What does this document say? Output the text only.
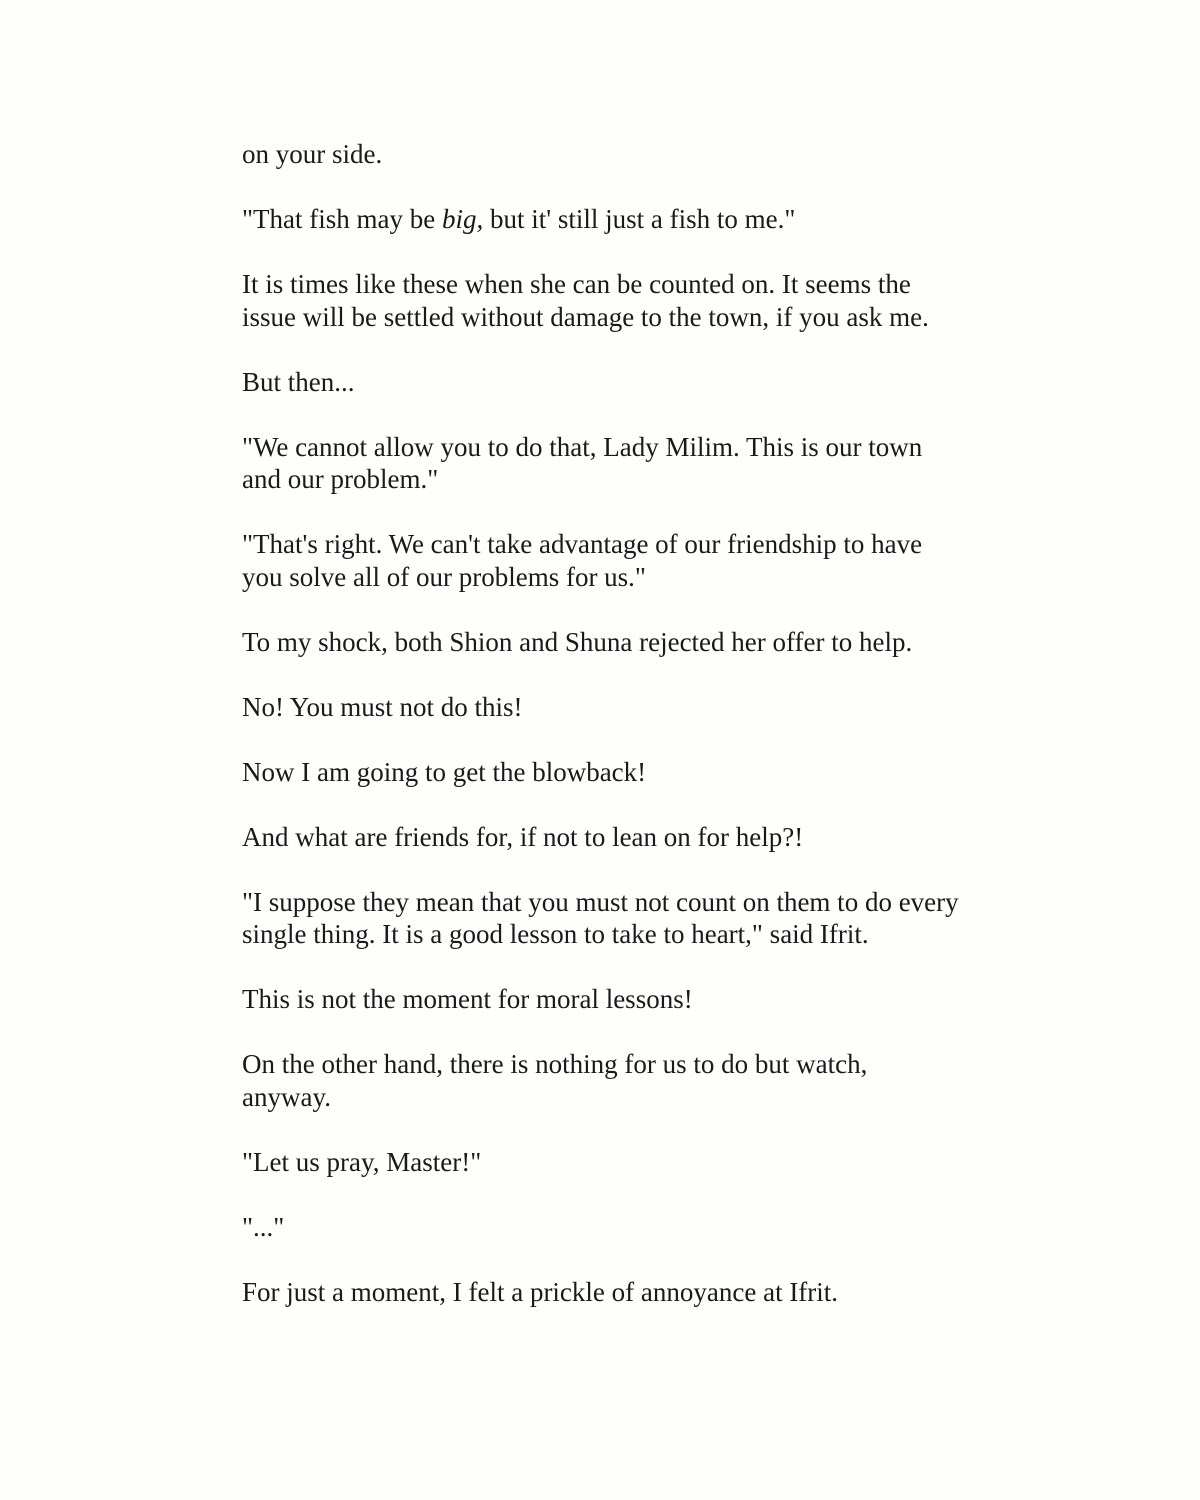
on your side.

"That fish may be big, but it' still just a fish to me."

It is times like these when she can be counted on. It seems the issue will be settled without damage to the town, if you ask me.

But then...

"We cannot allow you to do that, Lady Milim. This is our town and our problem."

"That's right. We can't take advantage of our friendship to have you solve all of our problems for us."

To my shock, both Shion and Shuna rejected her offer to help.

No! You must not do this!

Now I am going to get the blowback!

And what are friends for, if not to lean on for help?!

"I suppose they mean that you must not count on them to do every single thing. It is a good lesson to take to heart," said Ifrit.

This is not the moment for moral lessons!

On the other hand, there is nothing for us to do but watch, anyway.

"Let us pray, Master!"

"..."

For just a moment, I felt a prickle of annoyance at Ifrit.
